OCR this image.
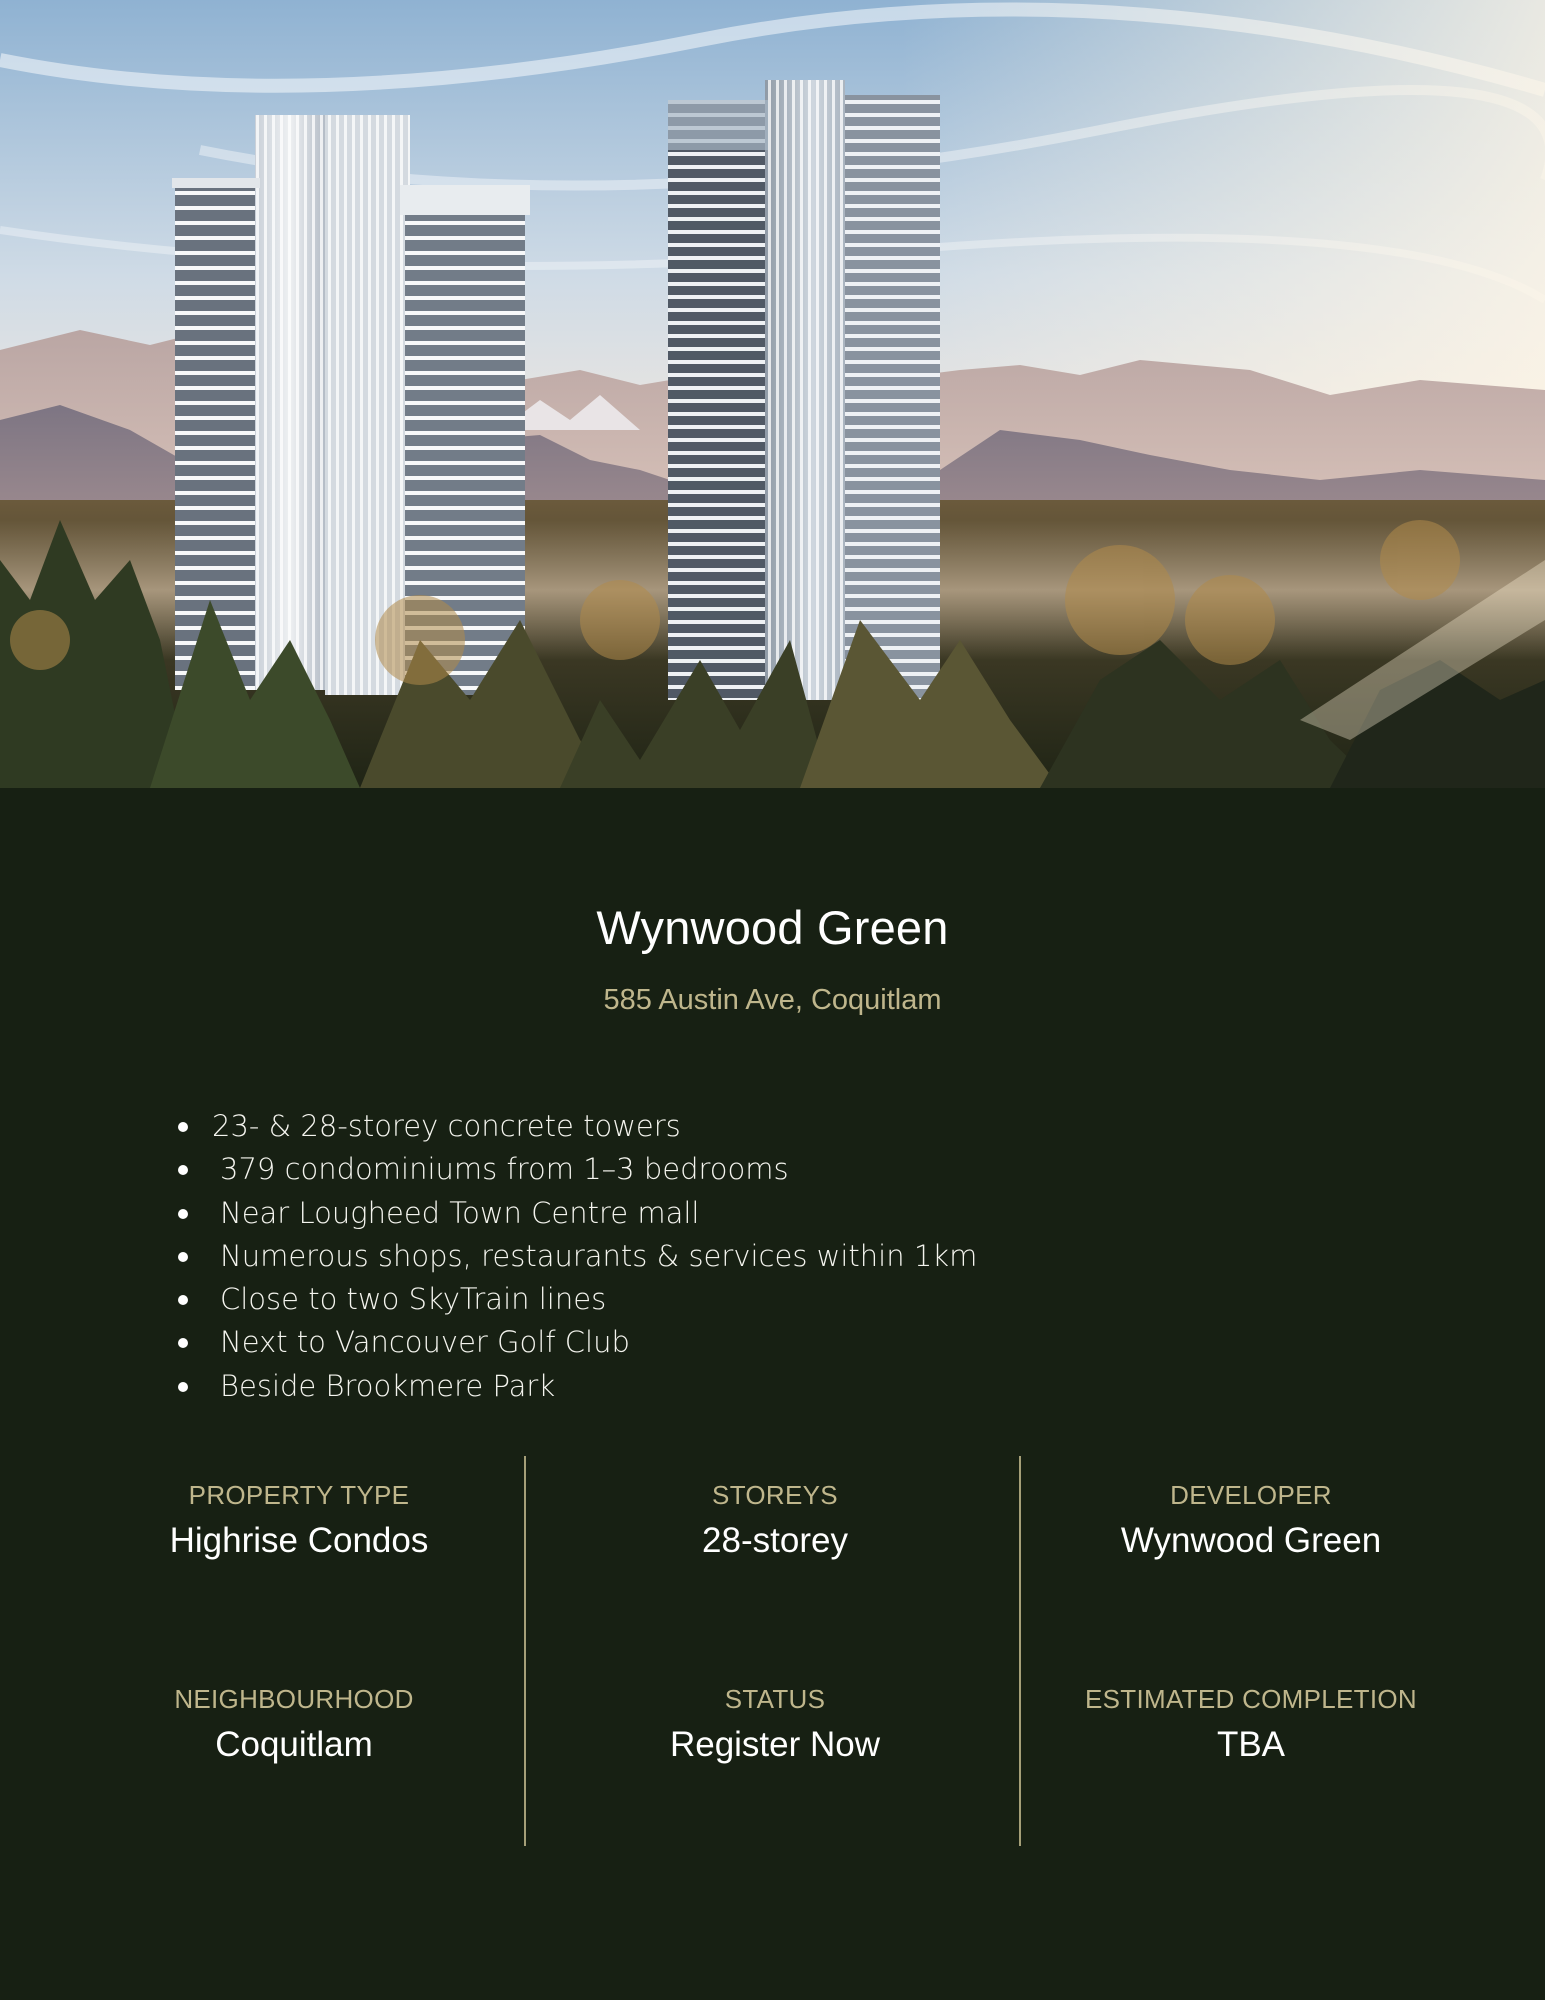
Wynwood Green
585 Austin Ave, Coquitlam
23- & 28-storey concrete towers
379 condominiums from 1–3 bedrooms
Near Lougheed Town Centre mall
Numerous shops, restaurants & services within 1km
Close to two SkyTrain lines
Next to Vancouver Golf Club
Beside Brookmere Park
PROPERTY TYPE
Highrise Condos
STOREYS
28-storey
DEVELOPER
Wynwood Green
NEIGHBOURHOOD
Coquitlam
STATUS
Register Now
ESTIMATED COMPLETION
TBA
